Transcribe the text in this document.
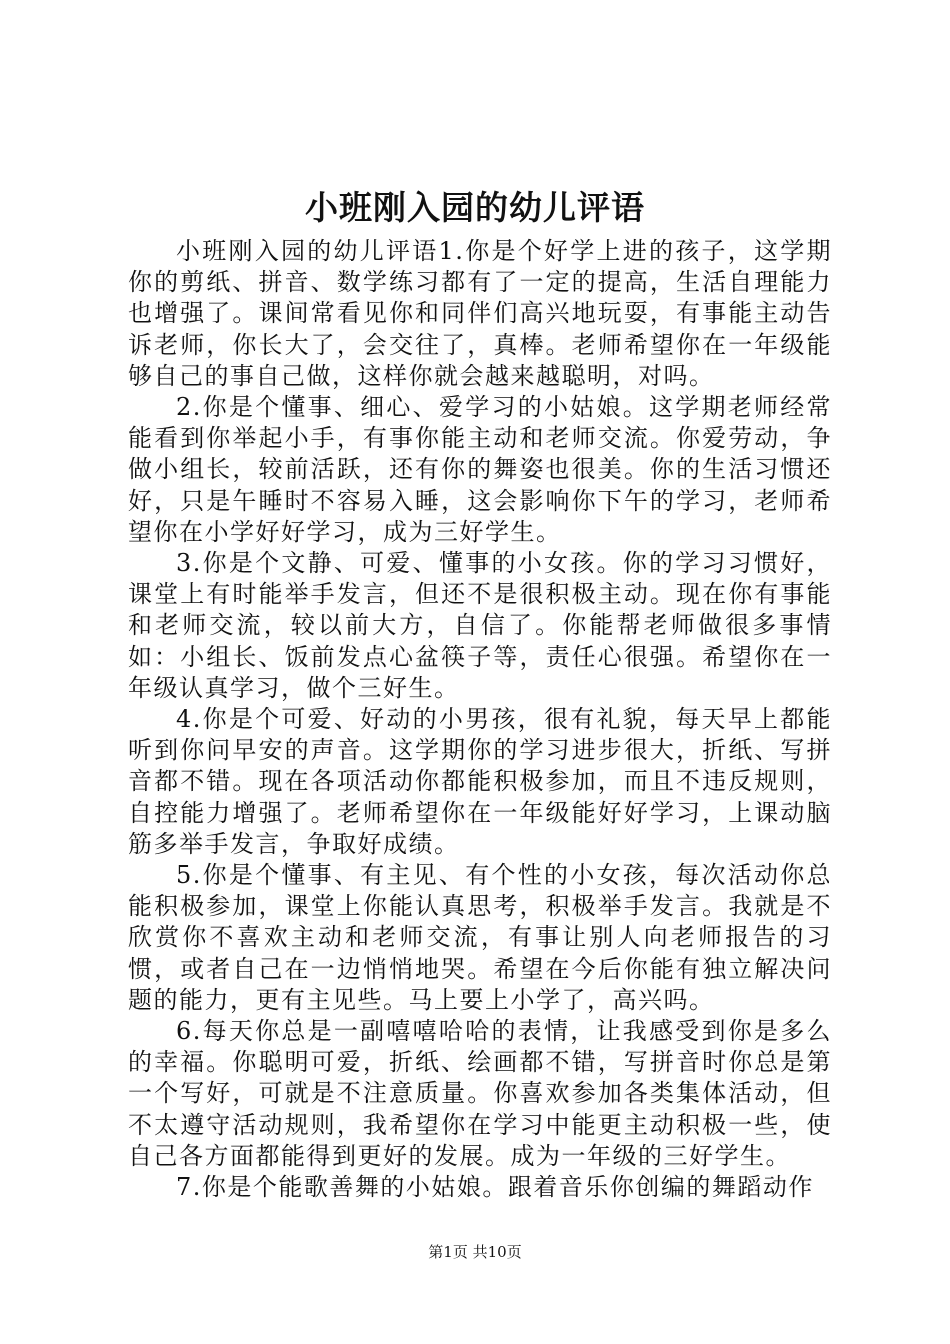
小班刚入园的幼儿评语

小班刚入园的幼儿评语1.你是个好学上进的孩子，这学期你的剪纸、拼音、数学练习都有了一定的提高，生活自理能力也增强了。课间常看见你和同伴们高兴地玩耍，有事能主动告诉老师，你长大了，会交往了，真棒。老师希望你在一年级能够自己的事自己做，这样你就会越来越聪明，对吗。

2.你是个懂事、细心、爱学习的小姑娘。这学期老师经常能看到你举起小手，有事你能主动和老师交流。你爱劳动，争做小组长，较前活跃，还有你的舞姿也很美。你的生活习惯还好，只是午睡时不容易入睡，这会影响你下午的学习，老师希望你在小学好好学习，成为三好学生。

3.你是个文静、可爱、懂事的小女孩。你的学习习惯好，课堂上有时能举手发言，但还不是很积极主动。现在你有事能和老师交流，较以前大方，自信了。你能帮老师做很多事情如：小组长、饭前发点心盆筷子等，责任心很强。希望你在一年级认真学习，做个三好生。

4.你是个可爱、好动的小男孩，很有礼貌，每天早上都能听到你问早安的声音。这学期你的学习进步很大，折纸、写拼音都不错。现在各项活动你都能积极参加，而且不违反规则，自控能力增强了。老师希望你在一年级能好好学习，上课动脑筋多举手发言，争取好成绩。

5.你是个懂事、有主见、有个性的小女孩，每次活动你总能积极参加，课堂上你能认真思考，积极举手发言。我就是不欣赏你不喜欢主动和老师交流，有事让别人向老师报告的习惯，或者自己在一边悄悄地哭。希望在今后你能有独立解决问题的能力，更有主见些。马上要上小学了，高兴吗。

6.每天你总是一副嘻嘻哈哈的表情，让我感受到你是多么的幸福。你聪明可爱，折纸、绘画都不错，写拼音时你总是第一个写好，可就是不注意质量。你喜欢参加各类集体活动，但不太遵守活动规则，我希望你在学习中能更主动积极一些，使自己各方面都能得到更好的发展。成为一年级的三好学生。

7.你是个能歌善舞的小姑娘。跟着音乐你创编的舞蹈动作

第1页 共10页
